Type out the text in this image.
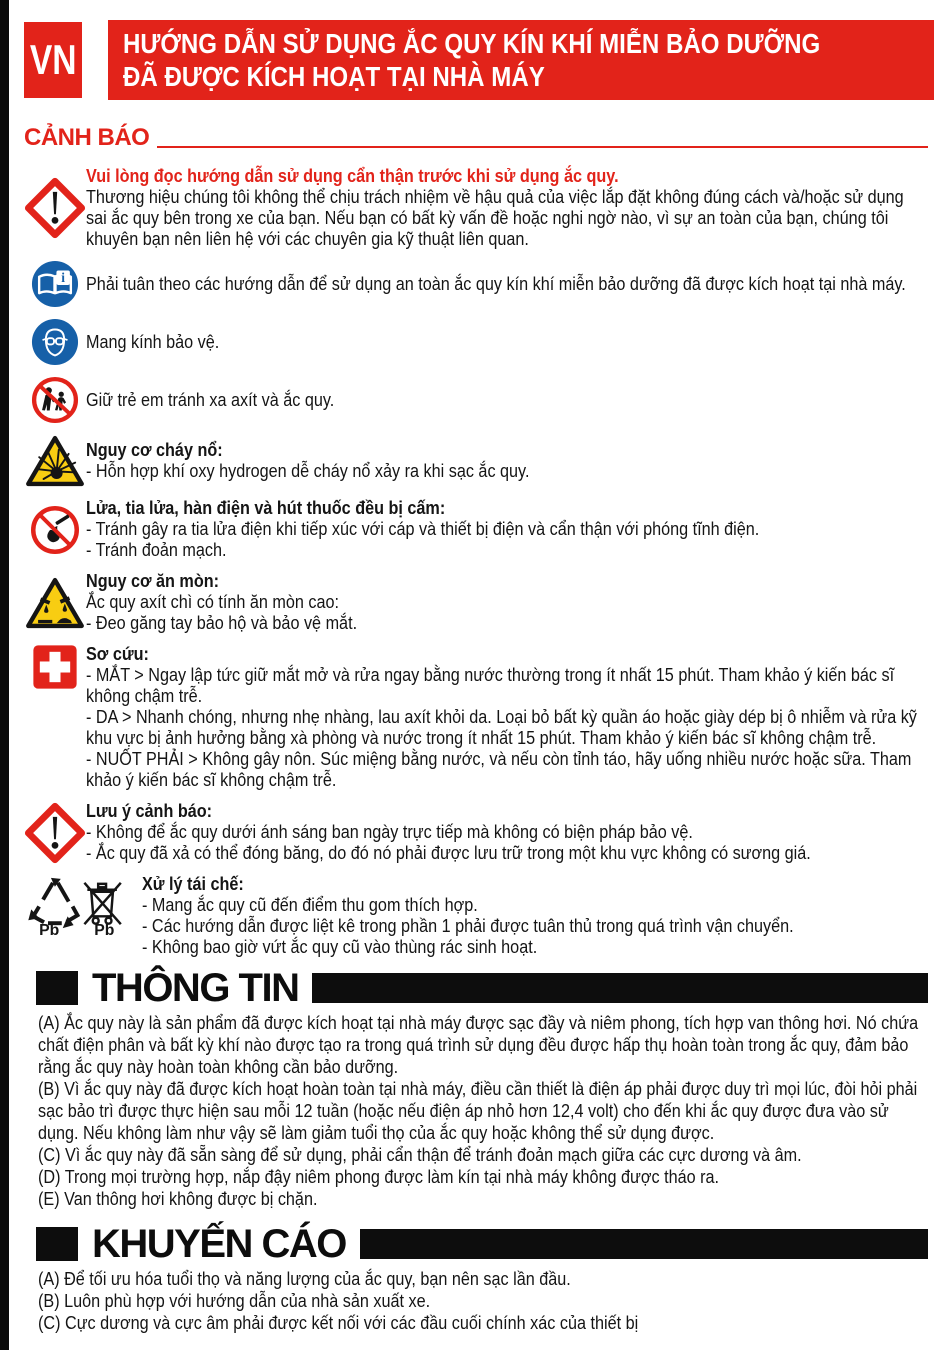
VN HƯỚNG DẪN SỬ DỤNG ẮC QUY KÍN KHÍ MIỄN BẢO DƯỠNG
ĐÃ ĐƯỢC KÍCH HOẠT TẠI NHÀ MÁY
CẢNH BÁO
Vui lòng đọc hướng dẫn sử dụng cẩn thận trước khi sử dụng ắc quy.
Thương hiệu chúng tôi không thể chịu trách nhiệm về hậu quả của việc lắp đặt không đúng cách và/hoặc sử dụng sai ắc quy bên trong xe của bạn. Nếu bạn có bất kỳ vấn đề hoặc nghi ngờ nào, vì sự an toàn của bạn, chúng tôi khuyên bạn nên liên hệ với các chuyên gia kỹ thuật liên quan.
i Phải tuân theo các hướng dẫn để sử dụng an toàn ắc quy kín khí miễn bảo dưỡng đã được kích hoạt tại nhà máy.
Mang kính bảo vệ.
Giữ trẻ em tránh xa axít và ắc quy.
Nguy cơ cháy nổ:
- Hỗn hợp khí oxy hydrogen dễ cháy nổ xảy ra khi sạc ắc quy.
Lửa, tia lửa, hàn điện và hút thuốc đều bị cấm:
- Tránh gây ra tia lửa điện khi tiếp xúc với cáp và thiết bị điện và cẩn thận với phóng tĩnh điện.
- Tránh đoản mạch.
Nguy cơ ăn mòn:
Ắc quy axít chì có tính ăn mòn cao:
- Đeo găng tay bảo hộ và bảo vệ mắt.
Sơ cứu:
- MẮT > Ngay lập tức giữ mắt mở và rửa ngay bằng nước thường trong ít nhất 15 phút. Tham khảo ý kiến bác sĩ không chậm trễ.
- DA > Nhanh chóng, nhưng nhẹ nhàng, lau axít khỏi da. Loại bỏ bất kỳ quần áo hoặc giày dép bị ô nhiễm và rửa kỹ khu vực bị ảnh hưởng bằng xà phòng và nước trong ít nhất 15 phút. Tham khảo ý kiến bác sĩ không chậm trễ.
- NUỐT PHẢI > Không gây nôn. Súc miệng bằng nước, và nếu còn tỉnh táo, hãy uống nhiều nước hoặc sữa. Tham khảo ý kiến bác sĩ không chậm trễ.
Lưu ý cảnh báo:
- Không để ắc quy dưới ánh sáng ban ngày trực tiếp mà không có biện pháp bảo vệ.
- Ắc quy đã xả có thể đóng băng, do đó nó phải được lưu trữ trong một khu vực không có sương giá.
Pb Pb
Xử lý tái chế:
- Mang ắc quy cũ đến điểm thu gom thích hợp.
- Các hướng dẫn được liệt kê trong phần 1 phải được tuân thủ trong quá trình vận chuyển.
- Không bao giờ vứt ắc quy cũ vào thùng rác sinh hoạt.
THÔNG TIN

(A) Ắc quy này là sản phẩm đã được kích hoạt tại nhà máy được sạc đầy và niêm phong, tích hợp van thông hơi. Nó chứa chất điện phân và bất kỳ khí nào được tạo ra trong quá trình sử dụng đều được hấp thụ hoàn toàn trong ắc quy, đảm bảo rằng ắc quy này hoàn toàn không cần bảo dưỡng.

(B) Vì ắc quy này đã được kích hoạt hoàn toàn tại nhà máy, điều cần thiết là điện áp phải được duy trì mọi lúc, đòi hỏi phải sạc bảo trì được thực hiện sau mỗi 12 tuần (hoặc nếu điện áp nhỏ hơn 12,4 volt) cho đến khi ắc quy được đưa vào sử dụng. Nếu không làm như vậy sẽ làm giảm tuổi thọ của ắc quy hoặc không thể sử dụng được.

(C) Vì ắc quy này đã sẵn sàng để sử dụng, phải cẩn thận để tránh đoản mạch giữa các cực dương và âm.

(D) Trong mọi trường hợp, nắp đậy niêm phong được làm kín tại nhà máy không được tháo ra.

(E) Van thông hơi không được bị chặn.

KHUYẾN CÁO

(A) Để tối ưu hóa tuổi thọ và năng lượng của ắc quy, bạn nên sạc lần đầu.

(B) Luôn phù hợp với hướng dẫn của nhà sản xuất xe.

(C) Cực dương và cực âm phải được kết nối với các đầu cuối chính xác của thiết bị
